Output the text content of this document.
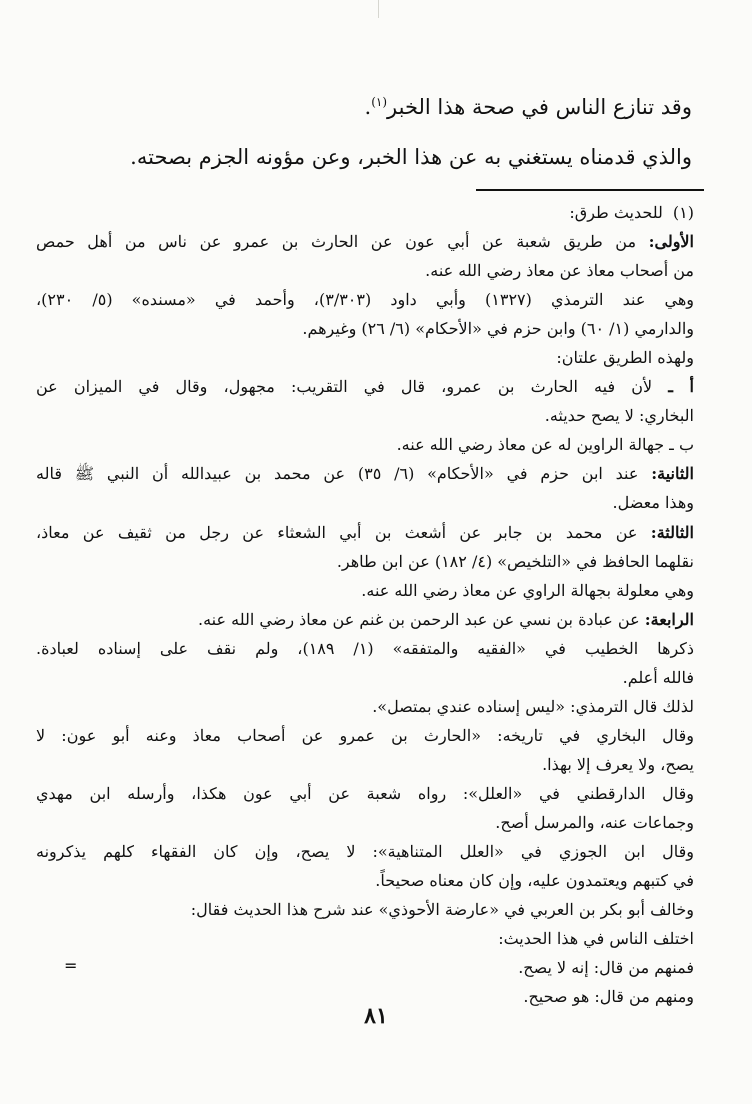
وقد تنازع الناس في صحة هذا الخبر$^{(١)}$.

والذي قدمناه يستغني به عن هذا الخبر، وعن مؤونه الجزم بصحته.

(١)للحديث طرق:

الأولى: من طريق شعبة عن أبي عون عن الحارث بن عمرو عن ناس من أهل حمص

من أصحاب معاذ عن معاذ رضي الله عنه.

وهي عند الترمذي (١٣٢٧) وأبي داود (٣/٣٠٣)، وأحمد في «مسنده» (٥/ ٢٣٠)،

والدارمي (١/ ٦٠) وابن حزم في «الأحكام» (٦/ ٢٦) وغيرهم.

ولهذه الطريق علتان:

أ ـ لأن فيه الحارث بن عمرو، قال في التقريب: مجهول، وقال في الميزان عن

البخاري: لا يصح حديثه.

ب ـ جهالة الراوين له عن معاذ رضي الله عنه.

الثانية: عند ابن حزم في «الأحكام» (٦/ ٣٥) عن محمد بن عبيدالله أن النبي ﷺ قاله

وهذا معضل.

الثالثة: عن محمد بن جابر عن أشعث بن أبي الشعثاء عن رجل من ثقيف عن معاذ،

نقلهما الحافظ في «التلخيص» (٤/ ١٨٢) عن ابن طاهر.

وهي معلولة بجهالة الراوي عن معاذ رضي الله عنه.

الرابعة: عن عبادة بن نسي عن عبد الرحمن بن غنم عن معاذ رضي الله عنه.

ذكرها الخطيب في «الفقيه والمتفقه» (١/ ١٨٩)، ولم نقف على إسناده لعبادة.

فالله أعلم.

لذلك قال الترمذي: «ليس إسناده عندي بمتصل».

وقال البخاري في تاريخه: «الحارث بن عمرو عن أصحاب معاذ وعنه أبو عون: لا

يصح، ولا يعرف إلا بهذا.

وقال الدارقطني في «العلل»: رواه شعبة عن أبي عون هكذا، وأرسله ابن مهدي

وجماعات عنه، والمرسل أصح.

وقال ابن الجوزي في «العلل المتناهية»: لا يصح، وإن كان الفقهاء كلهم يذكرونه

في كتبهم ويعتمدون عليه، وإن كان معناه صحيحاً.

وخالف أبو بكر بن العربي في «عارضة الأحوذي» عند شرح هذا الحديث فقال:

اختلف الناس في هذا الحديث:

فمنهم من قال: إنه لا يصح.

ومنهم من قال: هو صحيح.

=
٨١
